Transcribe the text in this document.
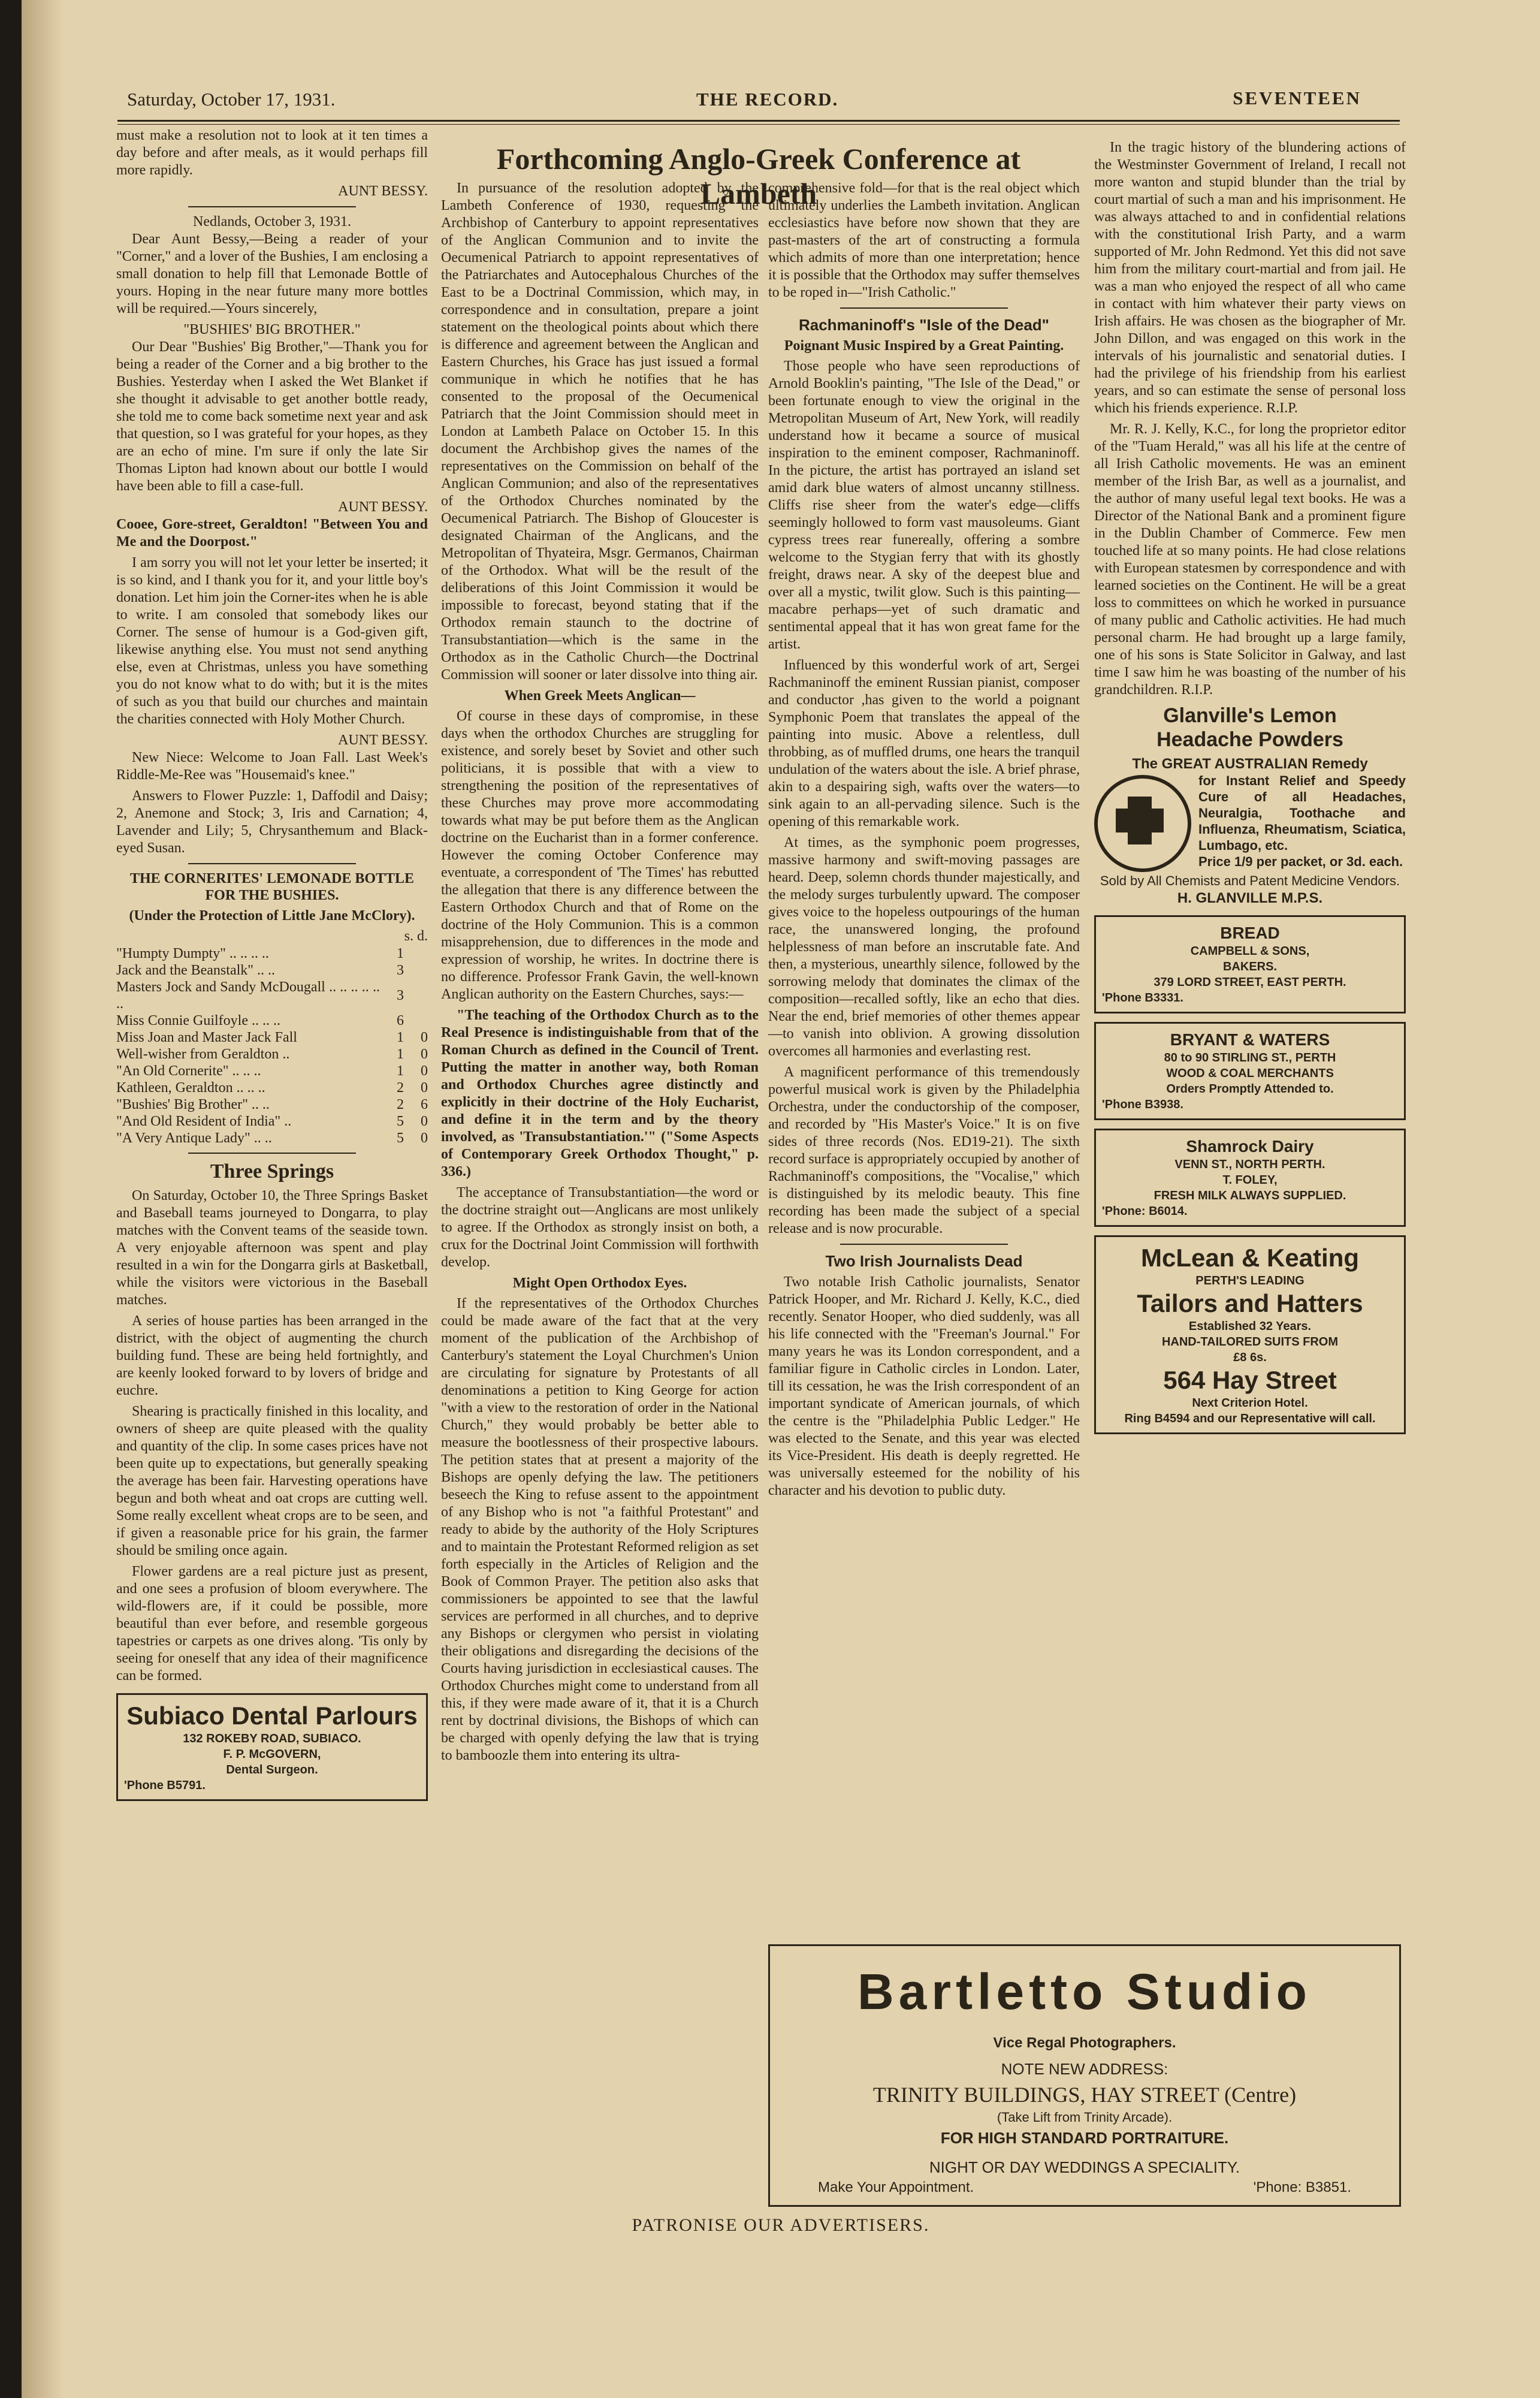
Saturday, October 17, 1931.	THE RECORD.	SEVENTEEN
Forthcoming Anglo-Greek Conference at Lambeth

must make a resolution not to look at it ten times a day before and after meals, as it would perhaps fill more rapidly.

AUNT BESSY.
Nedlands, October 3, 1931.

Dear Aunt Bessy,—Being a reader of your "Corner," and a lover of the Bushies, I am enclosing a small donation to help fill that Lemonade Bottle of yours. Hoping in the near future many more bottles will be required.—Yours sincerely,

"BUSHIES' BIG BROTHER."

Our Dear "Bushies' Big Brother,"—Thank you for being a reader of the Corner and a big brother to the Bushies. Yesterday when I asked the Wet Blanket if she thought it advisable to get another bottle ready, she told me to come back sometime next year and ask that question, so I was grateful for your hopes, as they are an echo of mine. I'm sure if only the late Sir Thomas Lipton had known about our bottle I would have been able to fill a case-full.

AUNT BESSY.

Cooee, Gore-street, Geraldton! "Between You and Me and the Doorpost."

I am sorry you will not let your letter be inserted; it is so kind, and I thank you for it, and your little boy's donation. Let him join the Corner-ites when he is able to write. I am consoled that somebody likes our Corner. The sense of humour is a God-given gift, likewise anything else. You must not send anything else, even at Christmas, unless you have something you do not know what to do with; but it is the mites of such as you that build our churches and maintain the charities connected with Holy Mother Church.

AUNT BESSY.

New Niece: Welcome to Joan Fall. Last Week's Riddle-Me-Ree was "Housemaid's knee."

Answers to Flower Puzzle: 1, Daffodil and Daisy; 2, Anemone and Stock; 3, Iris and Carnation; 4, Lavender and Lily; 5, Chrysanthemum and Black-eyed Susan.

THE CORNERITES' LEMONADE BOTTLE FOR THE BUSHIES.
(Under the Protection of Little Jane McClory).
s. d.
"Humpty Dumpty" .. .. .. ..	1	
Jack and the Beanstalk" .. ..	3	
Masters Jock and Sandy McDougall .. .. .. .. .. ..	3	
Miss Connie Guilfoyle .. .. ..	6	
Miss Joan and Master Jack Fall	1	0
Well-wisher from Geraldton ..	1	0
"An Old Cornerite" .. .. ..	1	0
Kathleen, Geraldton .. .. ..	2	0
"Bushies' Big Brother" .. ..	2	6
"And Old Resident of India" ..	5	0
"A Very Antique Lady" .. ..	5	0
Three Springs

On Saturday, October 10, the Three Springs Basket and Baseball teams journeyed to Dongarra, to play matches with the Convent teams of the seaside town. A very enjoyable afternoon was spent and play resulted in a win for the Dongarra girls at Basketball, while the visitors were victorious in the Baseball matches.

A series of house parties has been arranged in the district, with the object of augmenting the church building fund. These are being held fortnightly, and are keenly looked forward to by lovers of bridge and euchre.

Shearing is practically finished in this locality, and owners of sheep are quite pleased with the quality and quantity of the clip. In some cases prices have not been quite up to expectations, but generally speaking the average has been fair. Harvesting operations have begun and both wheat and oat crops are cutting well. Some really excellent wheat crops are to be seen, and if given a reasonable price for his grain, the farmer should be smiling once again.

Flower gardens are a real picture just as present, and one sees a profusion of bloom everywhere. The wild-flowers are, if it could be possible, more beautiful than ever before, and resemble gorgeous tapestries or carpets as one drives along. 'Tis only by seeing for oneself that any idea of their magnificence can be formed.

Subiaco Dental Parlours
132 ROKEBY ROAD, SUBIACO.
F. P. McGOVERN,
Dental Surgeon.
'Phone B5791.

In pursuance of the resolution adopted by the Lambeth Conference of 1930, requesting the Archbishop of Canterbury to appoint representatives of the Anglican Communion and to invite the Oecumenical Patriarch to appoint representatives of the Patriarchates and Autocephalous Churches of the East to be a Doctrinal Commission, which may, in correspondence and in consultation, prepare a joint statement on the theological points about which there is difference and agreement between the Anglican and Eastern Churches, his Grace has just issued a formal communique in which he notifies that he has consented to the proposal of the Oecumenical Patriarch that the Joint Commission should meet in London at Lambeth Palace on October 15. In this document the Archbishop gives the names of the representatives on the Commission on behalf of the Anglican Communion; and also of the representatives of the Orthodox Churches nominated by the Oecumenical Patriarch. The Bishop of Gloucester is designated Chairman of the Anglicans, and the Metropolitan of Thyateira, Msgr. Germanos, Chairman of the Orthodox. What will be the result of the deliberations of this Joint Commission it would be impossible to forecast, beyond stating that if the Orthodox remain staunch to the doctrine of Transubstantiation—which is the same in the Orthodox as in the Catholic Church—the Doctrinal Commission will sooner or later dissolve into thing air.

When Greek Meets Anglican—

Of course in these days of compromise, in these days when the orthodox Churches are struggling for existence, and sorely beset by Soviet and other such politicians, it is possible that with a view to strengthening the position of the representatives of these Churches may prove more accommodating towards what may be put before them as the Anglican doctrine on the Eucharist than in a former conference. However the coming October Conference may eventuate, a correspondent of 'The Times' has rebutted the allegation that there is any difference between the Eastern Orthodox Church and that of Rome on the doctrine of the Holy Communion. This is a common misapprehension, due to differences in the mode and expression of worship, he writes. In doctrine there is no difference. Professor Frank Gavin, the well-known Anglican authority on the Eastern Churches, says:—

"The teaching of the Orthodox Church as to the Real Presence is indistinguishable from that of the Roman Church as defined in the Council of Trent. Putting the matter in another way, both Roman and Orthodox Churches agree distinctly and explicitly in their doctrine of the Holy Eucharist, and define it in the term and by the theory involved, as 'Transubstantiation.'" ("Some Aspects of Contemporary Greek Orthodox Thought," p. 336.)

The acceptance of Transubstantiation—the word or the doctrine straight out—Anglicans are most unlikely to agree. If the Orthodox as strongly insist on both, a crux for the Doctrinal Joint Commission will forthwith develop.

Might Open Orthodox Eyes.

If the representatives of the Orthodox Churches could be made aware of the fact that at the very moment of the publication of the Archbishop of Canterbury's statement the Loyal Churchmen's Union are circulating for signature by Protestants of all denominations a petition to King George for action "with a view to the restoration of order in the National Church," they would probably be better able to measure the bootlessness of their prospective labours. The petition states that at present a majority of the Bishops are openly defying the law. The petitioners beseech the King to refuse assent to the appointment of any Bishop who is not "a faithful Protestant" and ready to abide by the authority of the Holy Scriptures and to maintain the Protestant Reformed religion as set forth especially in the Articles of Religion and the Book of Common Prayer. The petition also asks that commissioners be appointed to see that the lawful services are performed in all churches, and to deprive any Bishops or clergymen who persist in violating their obligations and disregarding the decisions of the Courts having jurisdiction in ecclesiastical causes. The Orthodox Churches might come to understand from all this, if they were made aware of it, that it is a Church rent by doctrinal divisions, the Bishops of which can be charged with openly defying the law that is trying to bamboozle them into entering its ultra-

comprehensive fold—for that is the real object which ultimately underlies the Lambeth invitation. Anglican ecclesiastics have before now shown that they are past-masters of the art of constructing a formula which admits of more than one interpretation; hence it is possible that the Orthodox may suffer themselves to be roped in—"Irish Catholic."

Rachmaninoff's "Isle of the Dead"
Poignant Music Inspired by a Great Painting.

Those people who have seen reproductions of Arnold Booklin's painting, "The Isle of the Dead," or been fortunate enough to view the original in the Metropolitan Museum of Art, New York, will readily understand how it became a source of musical inspiration to the eminent composer, Rachmaninoff. In the picture, the artist has portrayed an island set amid dark blue waters of almost uncanny stillness. Cliffs rise sheer from the water's edge—cliffs seemingly hollowed to form vast mausoleums. Giant cypress trees rear funereally, offering a sombre welcome to the Stygian ferry that with its ghostly freight, draws near. A sky of the deepest blue and over all a mystic, twilit glow. Such is this painting—macabre perhaps—yet of such dramatic and sentimental appeal that it has won great fame for the artist.

Influenced by this wonderful work of art, Sergei Rachmaninoff the eminent Russian pianist, composer and conductor ,has given to the world a poignant Symphonic Poem that translates the appeal of the painting into music. Above a relentless, dull throbbing, as of muffled drums, one hears the tranquil undulation of the waters about the isle. A brief phrase, akin to a despairing sigh, wafts over the waters—to sink again to an all-pervading silence. Such is the opening of this remarkable work.

At times, as the symphonic poem progresses, massive harmony and swift-moving passages are heard. Deep, solemn chords thunder majestically, and the melody surges turbulently upward. The composer gives voice to the hopeless outpourings of the human race, the unanswered longing, the profound helplessness of man before an inscrutable fate. And then, a mysterious, unearthly silence, followed by the sorrowing melody that dominates the climax of the composition—recalled softly, like an echo that dies. Near the end, brief memories of other themes appear—to vanish into oblivion. A growing dissolution overcomes all harmonies and everlasting rest.

A magnificent performance of this tremendously powerful musical work is given by the Philadelphia Orchestra, under the conductorship of the composer, and recorded by "His Master's Voice." It is on five sides of three records (Nos. ED19-21). The sixth record surface is appropriately occupied by another of Rachmaninoff's compositions, the "Vocalise," which is distinguished by its melodic beauty. This fine recording has been made the subject of a special release and is now procurable.

Two Irish Journalists Dead

Two notable Irish Catholic journalists, Senator Patrick Hooper, and Mr. Richard J. Kelly, K.C., died recently. Senator Hooper, who died suddenly, was all his life connected with the "Freeman's Journal." For many years he was its London correspondent, and a familiar figure in Catholic circles in London. Later, till its cessation, he was the Irish correspondent of an important syndicate of American journals, of which the centre is the "Philadelphia Public Ledger." He was elected to the Senate, and this year was elected its Vice-President. His death is deeply regretted. He was universally esteemed for the nobility of his character and his devotion to public duty.

In the tragic history of the blundering actions of the Westminster Government of Ireland, I recall not more wanton and stupid blunder than the trial by court martial of such a man and his imprisonment. He was always attached to and in confidential relations with the constitutional Irish Party, and a warm supported of Mr. John Redmond. Yet this did not save him from the military court-martial and from jail. He was a man who enjoyed the respect of all who came in contact with him whatever their party views on Irish affairs. He was chosen as the biographer of Mr. John Dillon, and was engaged on this work in the intervals of his journalistic and senatorial duties. I had the privilege of his friendship from his earliest years, and so can estimate the sense of personal loss which his friends experience. R.I.P.

Mr. R. J. Kelly, K.C., for long the proprietor editor of the "Tuam Herald," was all his life at the centre of all Irish Catholic movements. He was an eminent member of the Irish Bar, as well as a journalist, and the author of many useful legal text books. He was a Director of the National Bank and a prominent figure in the Dublin Chamber of Commerce. Few men touched life at so many points. He had close relations with European statesmen by correspondence and with learned societies on the Continent. He will be a great loss to committees on which he worked in pursuance of many public and Catholic activities. He had much personal charm. He had brought up a large family, one of his sons is State Solicitor in Galway, and last time I saw him he was boasting of the number of his grandchildren. R.I.P.

Glanville's Lemon
Headache Powders
The GREAT AUSTRALIAN Remedy
for Instant Relief and Speedy Cure of all Headaches, Neuralgia, Toothache and Influenza, Rheumatism, Sciatica, Lumbago, etc.
Price 1/9 per packet, or 3d. each.
Sold by All Chemists and Patent Medicine Vendors.
H. GLANVILLE M.P.S.
BREAD
CAMPBELL & SONS,
BAKERS.
379 LORD STREET, EAST PERTH.
'Phone B3331.
BRYANT & WATERS
80 to 90 STIRLING ST., PERTH
WOOD & COAL MERCHANTS
Orders Promptly Attended to.
'Phone B3938.
Shamrock Dairy
VENN ST., NORTH PERTH.
T. FOLEY,
FRESH MILK ALWAYS SUPPLIED.
'Phone: B6014.
McLean & Keating
PERTH'S LEADING
Tailors and Hatters
Established 32 Years.
HAND-TAILORED SUITS FROM
£8 6s.
564 Hay Street
Next Criterion Hotel.
Ring B4594 and our Representative will call.
Bartletto Studio
Vice Regal Photographers.
NOTE NEW ADDRESS:
TRINITY BUILDINGS, HAY STREET (Centre)
(Take Lift from Trinity Arcade).
FOR HIGH STANDARD PORTRAITURE.
NIGHT OR DAY WEDDINGS A SPECIALITY.
Make Your Appointment.	'Phone: B3851.
PATRONISE OUR ADVERTISERS.
